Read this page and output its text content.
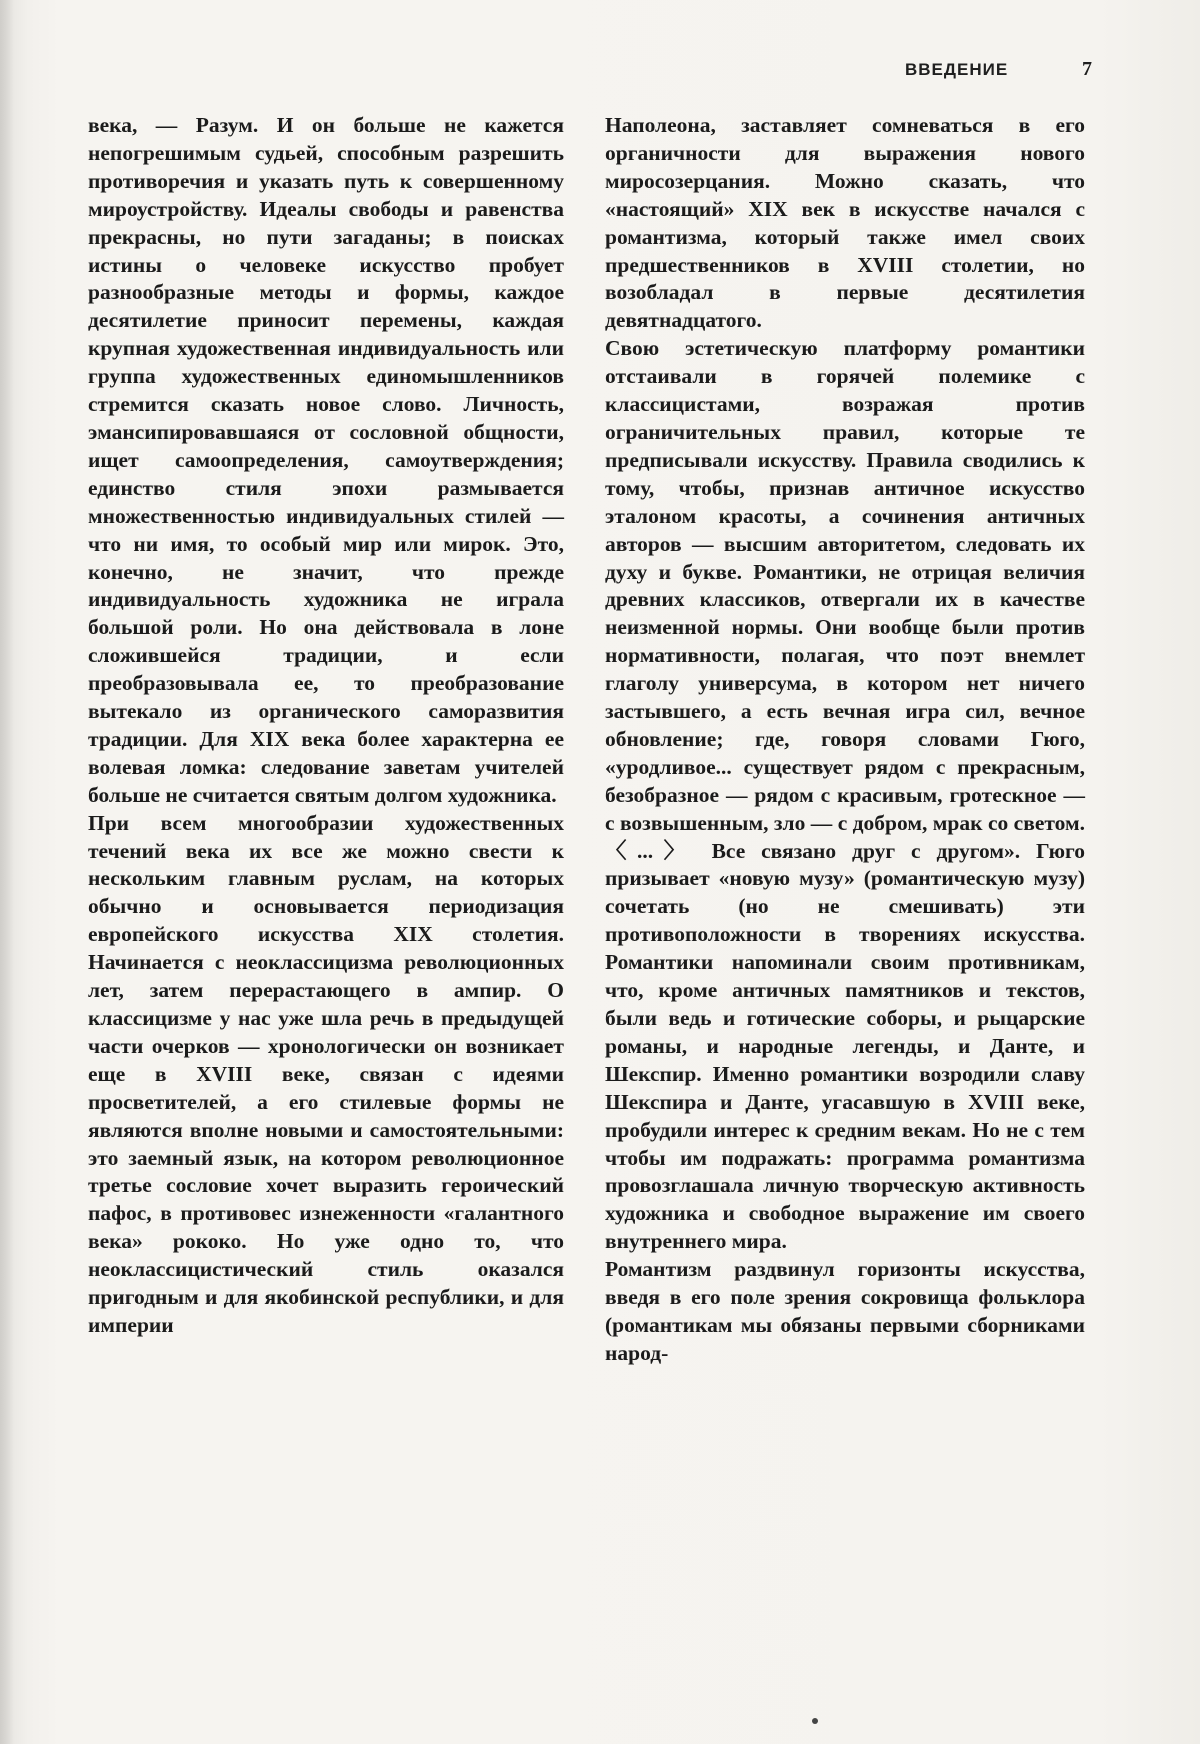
ВВЕДЕНИЕ	7

века, — Разум. И он больше не кажется непогрешимым судьей, способным разрешить противоречия и указать путь к совершенному мироустройству. Идеалы свободы и равенства прекрасны, но пути загаданы; в поисках истины о человеке искусство пробует разнообразные методы и формы, каждое десятилетие приносит перемены, каждая крупная художественная индивидуальность или группа художественных единомышленников стремится сказать новое слово. Личность, эмансипировавшаяся от сословной общности, ищет самоопределения, самоутверждения; единство стиля эпохи размывается множественностью индивидуальных стилей — что ни имя, то особый мир или мирок. Это, конечно, не значит, что прежде индивидуальность художника не играла большой роли. Но она действовала в лоне сложившейся традиции, и если преобразовывала ее, то преобразование вытекало из органического саморазвития традиции. Для XIX века более характерна ее волевая ломка: следование заветам учителей больше не считается святым долгом художника.

При всем многообразии художественных течений века их все же можно свести к нескольким главным руслам, на которых обычно и основывается периодизация европейского искусства XIX столетия. Начинается с неоклассицизма революционных лет, затем перерастающего в ампир. О классицизме у нас уже шла речь в предыдущей части очерков — хронологически он возникает еще в XVIII веке, связан с идеями просветителей, а его стилевые формы не являются вполне новыми и самостоятельными: это заемный язык, на котором революционное третье сословие хочет выразить героический пафос, в противовес изнеженности «галантного века» рококо. Но уже одно то, что неоклассицистический стиль оказался пригодным и для якобинской республики, и для империи

Наполеона, заставляет сомневаться в его органичности для выражения нового миросозерцания. Можно сказать, что «настоящий» XIX век в искусстве начался с романтизма, который также имел своих предшественников в XVIII столетии, но возобладал в первые десятилетия девятнадцатого.

Свою эстетическую платформу романтики отстаивали в горячей полемике с классицистами, возражая против ограничительных правил, которые те предписывали искусству. Правила сводились к тому, чтобы, признав античное искусство эталоном красоты, а сочинения античных авторов — высшим авторитетом, следовать их духу и букве. Романтики, не отрицая величия древних классиков, отвергали их в качестве неизменной нормы. Они вообще были против нормативности, полагая, что поэт внемлет глаголу универсума, в котором нет ничего застывшего, а есть вечная игра сил, вечное обновление; где, говоря словами Гюго, «уродливое... существует рядом с прекрасным, безобразное — рядом с красивым, гротескное — с возвышенным, зло — с добром, мрак со светом. 〈...〉 Все связано друг с другом». Гюго призывает «новую музу» (романтическую музу) сочетать (но не смешивать) эти противоположности в творениях искусства. Романтики напоминали своим противникам, что, кроме античных памятников и текстов, были ведь и готические соборы, и рыцарские романы, и народные легенды, и Данте, и Шекспир. Именно романтики возродили славу Шекспира и Данте, угасавшую в XVIII веке, пробудили интерес к средним векам. Но не с тем чтобы им подражать: программа романтизма провозглашала личную творческую активность художника и свободное выражение им своего внутреннего мира.

Романтизм раздвинул горизонты искусства, введя в его поле зрения сокровища фольклора (романтикам мы обязаны первыми сборниками народ-
